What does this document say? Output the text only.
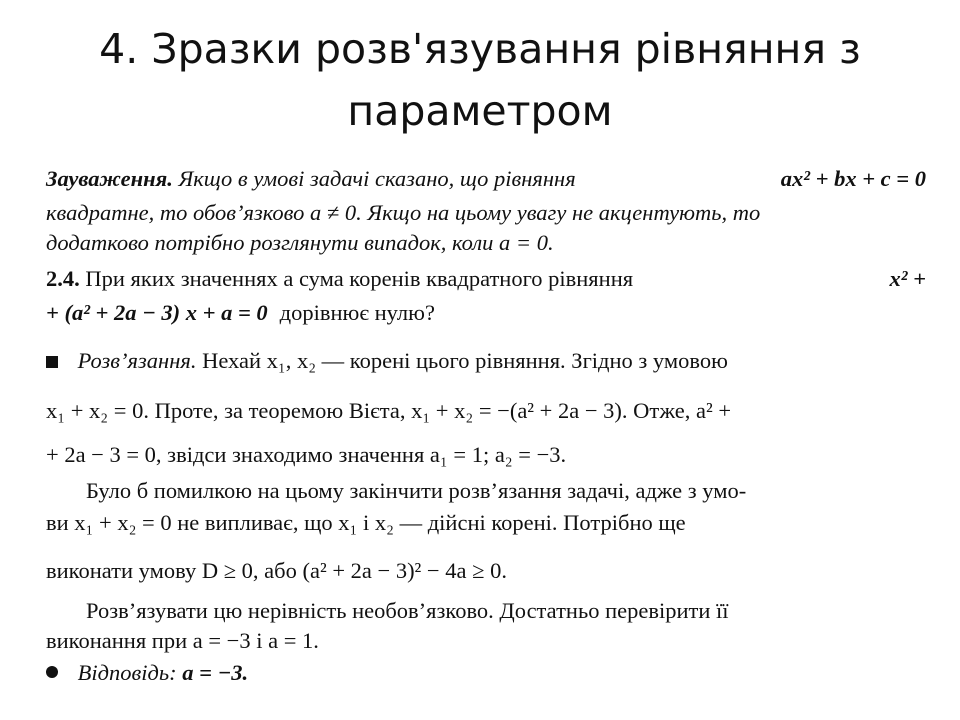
4. Зразки розв'язування рівняння з
параметром
Зауваження. Якщо в умові задачі сказано, що рівняння	ax² + bx + c = 0
квадратне, то обов’язково a ≠ 0. Якщо на цьому увагу не акцентують, то
додатково потрібно розглянути випадок, коли a = 0.
2.4. При яких значеннях a сума коренів квадратного рівняння	x² +
+ (a² + 2a − 3) x + a = 0 дорівнює нулю?
Розв’язання. Нехай x₁, x₂ — корені цього рівняння. Згідно з умовою
x₁ + x₂ = 0. Проте, за теоремою Вієта, x₁ + x₂ = −(a² + 2a − 3). Отже, a² +
+ 2a − 3 = 0, звідси знаходимо значення a₁ = 1; a₂ = −3.
Було б помилкою на цьому закінчити розв’язання задачі, адже з умо-
ви x₁ + x₂ = 0 не випливає, що x₁ і x₂ — дійсні корені. Потрібно ще
виконати умову D ≥ 0, або (a² + 2a − 3)² − 4a ≥ 0.
Розв’язувати цю нерівність необов’язково. Достатньо перевірити її
виконання при a = −3 і a = 1.
Відповідь: a = −3.
